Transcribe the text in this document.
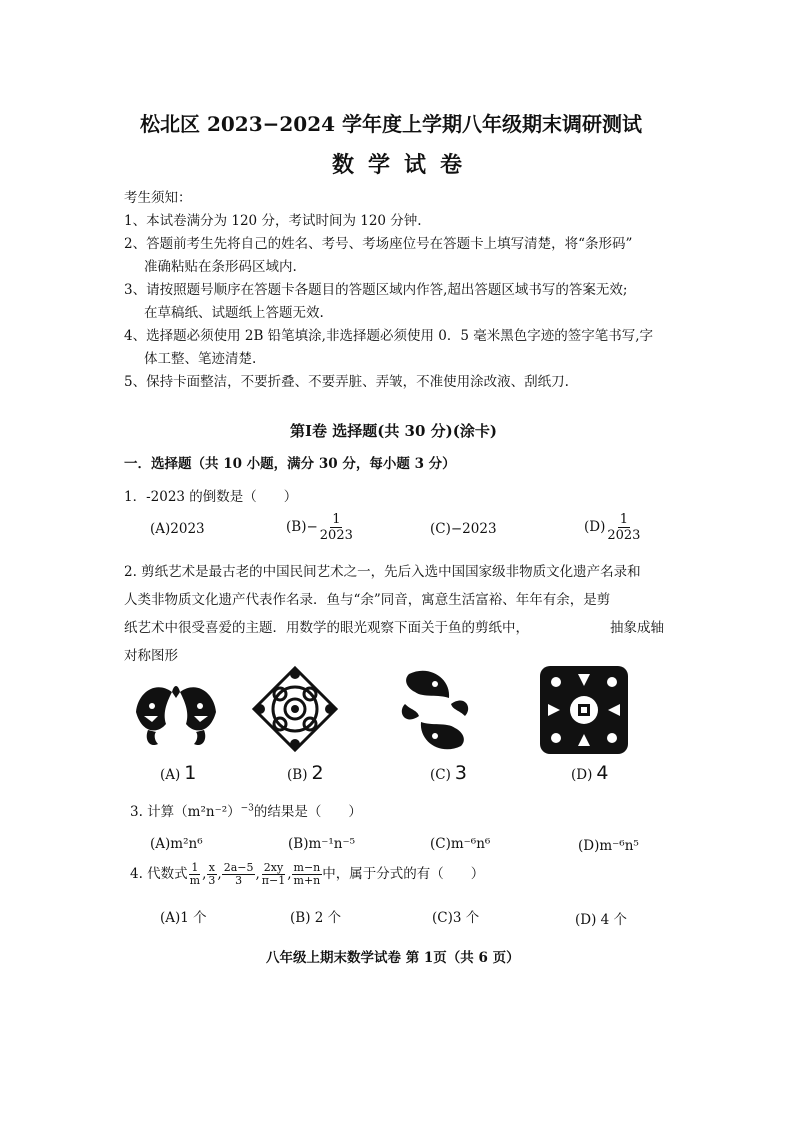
松北区 2023−2024 学年度上学期八年级期末调研测试
数学试卷
考生须知：
1、本试卷满分为 120 分，考试时间为 120 分钟.
2、答题前考生先将自己的姓名、考号、考场座位号在答题卡上填写清楚，将“条形码”
准确粘贴在条形码区域内.
3、请按照题号顺序在答题卡各题目的答题区域内作答,超出答题区域书写的答案无效;
在草稿纸、试题纸上答题无效.
4、选择题必须使用 2B 铅笔填涂,非选择题必须使用 0．5 毫米黑色字迹的签字笔书写,字
体工整、笔迹清楚.
5、保持卡面整洁，不要折叠、不要弄脏、弄皱，不准使用涂改液、刮纸刀.
第Ⅰ卷 选择题(共 30 分)(涂卡)
一．选择题（共 10 小题，满分 30 分，每小题 3 分）
1．-2023 的倒数是（　　）
(A)2023	$(B)- \frac{1}{2023}$	(C)−2023	$(D) \frac{1}{2023}$
2. 剪纸艺术是最古老的中国民间艺术之一，先后入选中国国家级非物质文化遗产名录和
人类非物质文化遗产代表作名录．鱼与“余”同音，寓意生活富裕、年年有余，是剪
纸艺术中很受喜爱的主题．用数学的眼光观察下面关于鱼的剪纸中，	抽象成轴
对称图形
(A) 1	(B) 2	(C) 3	(D) 4
3. 计算$(m^2n^{-2})^{-3}$的结果是（　　）
(A)m²n⁶	(B)m⁻¹n⁻⁵	(C)m⁻⁶n⁶	(D)m⁻⁶n⁵
4. 代数式 $\frac{1}{m}$ , $\frac{x}{3}$ , $\frac{2a-5}{3}$ , $\frac{2xy}{\pi-1}$ , $\frac{m-n}{m+n}$ 中，属于分式的有（　　）
(A)1 个	(B) 2 个	(C)3 个	(D) 4 个
八年级上期末数学试卷 第 1页（共 6 页）
